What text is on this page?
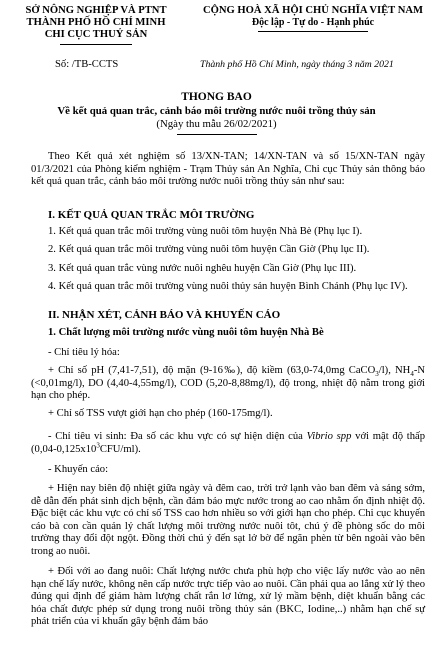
SỞ NÔNG NGHIỆP VÀ PTNT
THÀNH PHỐ HỒ CHÍ MINH
CHI CỤC THUỶ SẢN
CỘNG HOÀ XÃ HỘI CHỦ NGHĨA VIỆT NAM
Độc lập - Tự do - Hạnh phúc
Số: /TB-CCTS	Thành phố Hồ Chí Minh, ngày tháng 3 năm 2021
THONG BAO
Về kết quả quan trắc, cảnh báo môi trường nước nuôi trồng thủy sản
(Ngày thu mẫu 26/02/2021)
Theo Kết quả xét nghiệm số 13/XN-TAN; 14/XN-TAN và số 15/XN-TAN ngày 01/3/2021 của Phòng kiểm nghiệm - Trạm Thủy sản An Nghĩa, Chi cục Thủy sản thông báo kết quả quan trắc, cảnh báo môi trường nước nuôi trồng thủy sản như sau:
I. KẾT QUẢ QUAN TRẮC MÔI TRƯỜNG
1. Kết quả quan trắc môi trường vùng nuôi tôm huyện Nhà Bè (Phụ lục I).
2. Kết quả quan trắc môi trường vùng nuôi tôm huyện Cần Giờ (Phụ lục II).
3. Kết quả quan trắc vùng nước nuôi nghêu huyện Cần Giờ (Phụ lục III).
4. Kết quả quan trắc môi trường vùng nuôi thủy sản huyện Bình Chánh (Phụ lục IV).
II. NHẬN XÉT, CẢNH BÁO VÀ KHUYẾN CÁO
1. Chất lượng môi trường nước vùng nuôi tôm huyện Nhà Bè
- Chỉ tiêu lý hóa:
+ Chỉ số pH (7,41-7,51), độ mặn (9-16‰), độ kiềm (63,0-74,0mg CaCO$_3$/l), $NH_4-N$ (<0,01mg/l), DO (4,40-4,55mg/l), COD (5,20-8,88mg/l), độ trong, nhiệt độ nằm trong giới hạn cho phép.
+ Chỉ số TSS vượt giới hạn cho phép (160-175mg/l).
- Chỉ tiêu vi sinh: Đa số các khu vực có sự hiện diện của Vibrio spp với mật độ thấp $(0,04-0,125x10^3CFU/ml)$.
- Khuyến cáo:
+ Hiện nay biên độ nhiệt giữa ngày và đêm cao, trời trở lạnh vào ban đêm và sáng sớm, dễ dẫn đến phát sinh dịch bệnh, cần đảm bảo mực nước trong ao cao nhằm ổn định nhiệt độ. Đặc biệt các khu vực có chỉ số TSS cao hơn nhiều so với giới hạn cho phép. Chi cục khuyến cáo bà con cần quản lý chất lượng môi trường nước nuôi tôt, chú ý đề phòng sốc do môi trường thay đổi đột ngột. Đồng thời chú ý đến sạt lở bờ để ngăn phèn từ bên ngoài vào bên trong ao nuôi.
+ Đối với ao đang nuôi: Chất lượng nước chưa phù hợp cho việc lấy nước vào ao nên hạn chế lấy nước, không nên cấp nước trực tiếp vào ao nuôi. Cần phải qua ao lắng xử lý theo đúng qui định để giảm hàm lượng chất rắn lơ lửng, xử lý mầm bệnh, diệt khuẩn bằng các hóa chất được phép sử dụng trong nuôi trồng thủy sản (BKC, Iodine,..) nhằm hạn chế sự phát triển của vi khuẩn gây bệnh đảm bảo
